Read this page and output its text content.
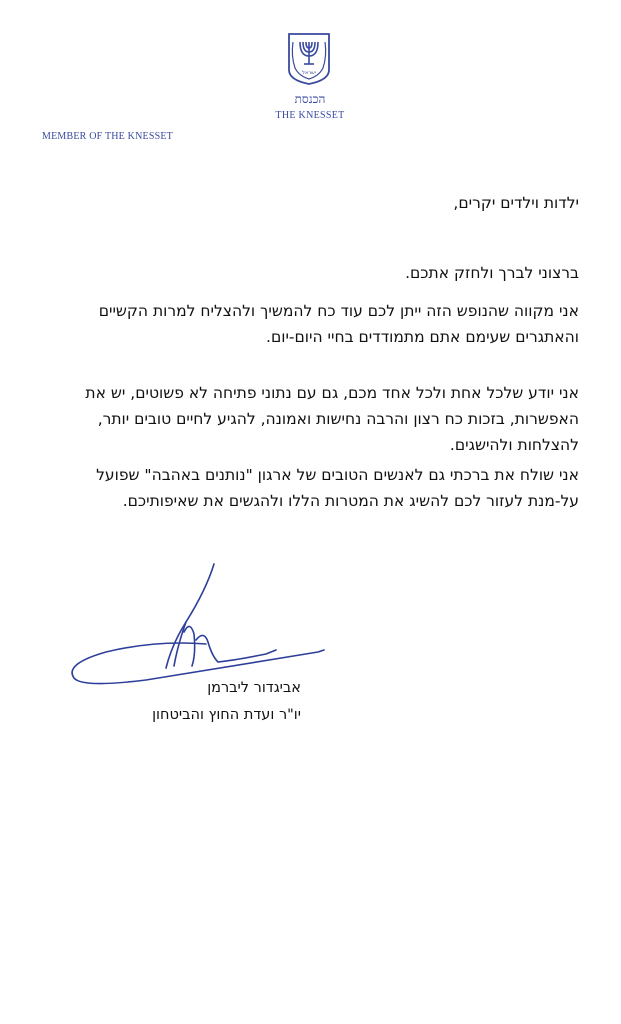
ישראל
הכנסת
THE KNESSET
MEMBER OF THE KNESSET
ילדות וילדים יקרים,

ברצוני לברך ולחזק אתכם.

אני מקווה שהנופש הזה ייתן לכם עוד כח להמשיך ולהצליח למרות הקשיים והאתגרים שעימם אתם מתמודדים בחיי היום-יום.

אני יודע שלכל אחת ולכל אחד מכם, גם עם נתוני פתיחה לא פשוטים, יש את האפשרות, בזכות כח רצון והרבה נחישות ואמונה, להגיע לחיים טובים יותר, להצלחות ולהישגים.

אני שולח את ברכתי גם לאנשים הטובים של ארגון "נותנים באהבה" שפועל על-מנת לעזור לכם להשיג את המטרות הללו ולהגשים את שאיפותיכם.

אביגדור ליברמן
יו"ר ועדת החוץ והביטחון
